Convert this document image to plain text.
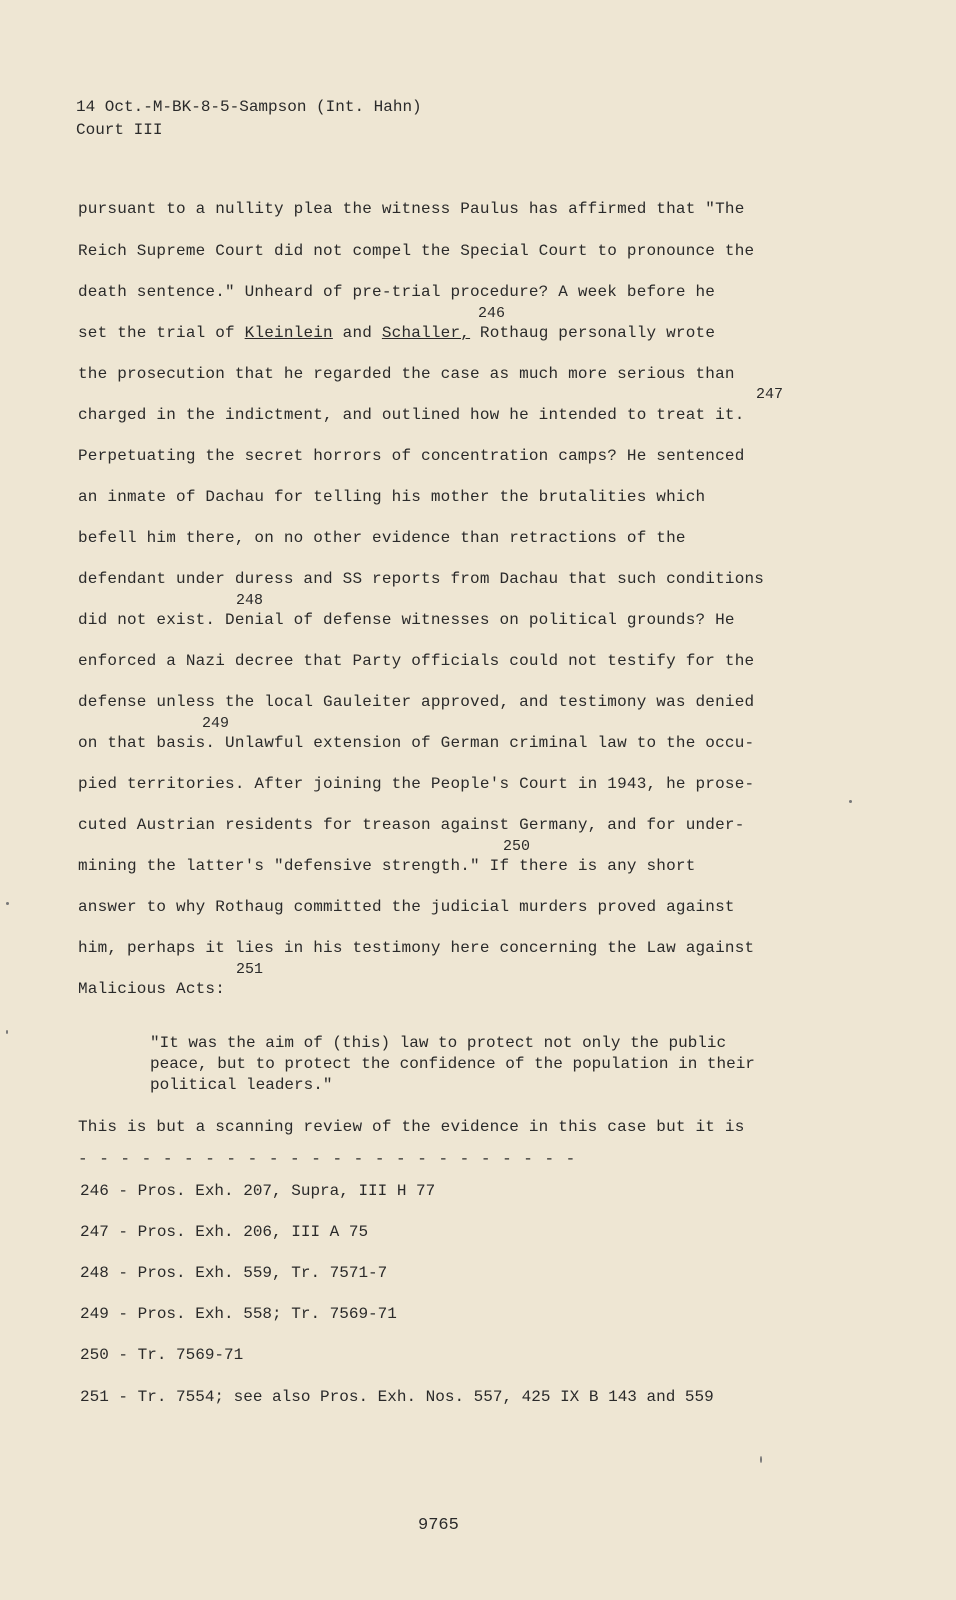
14 Oct.-M-BK-8-5-Sampson (Int. Hahn)
Court III
pursuant to a nullity plea the witness Paulus has affirmed that "The
Reich Supreme Court did not compel the Special Court to pronounce the
death sentence." Unheard of pre-trial procedure? A week before he
246
set the trial of Kleinlein and Schaller, Rothaug personally wrote
the prosecution that he regarded the case as much more serious than
247
charged in the indictment, and outlined how he intended to treat it.
Perpetuating the secret horrors of concentration camps? He sentenced
an inmate of Dachau for telling his mother the brutalities which
befell him there, on no other evidence than retractions of the
defendant under duress and SS reports from Dachau that such conditions
248
did not exist. Denial of defense witnesses on political grounds? He
enforced a Nazi decree that Party officials could not testify for the
defense unless the local Gauleiter approved, and testimony was denied
249
on that basis. Unlawful extension of German criminal law to the occu-
pied territories. After joining the People's Court in 1943, he prose-
cuted Austrian residents for treason against Germany, and for under-
250
mining the latter's "defensive strength." If there is any short
answer to why Rothaug committed the judicial murders proved against
him, perhaps it lies in his testimony here concerning the Law against
251
Malicious Acts:
"It was the aim of (this) law to protect not only the public
peace, but to protect the confidence of the population in their
political leaders."
This is but a scanning review of the evidence in this case but it is
- - - - - - - - - - - - - - - - - - - - - - - -
246 - Pros. Exh. 207, Supra, III H 77
247 - Pros. Exh. 206, III A 75
248 - Pros. Exh. 559, Tr. 7571-7
249 - Pros. Exh. 558; Tr. 7569-71
250 - Tr. 7569-71
251 - Tr. 7554; see also Pros. Exh. Nos. 557, 425 IX B 143 and 559
9765
